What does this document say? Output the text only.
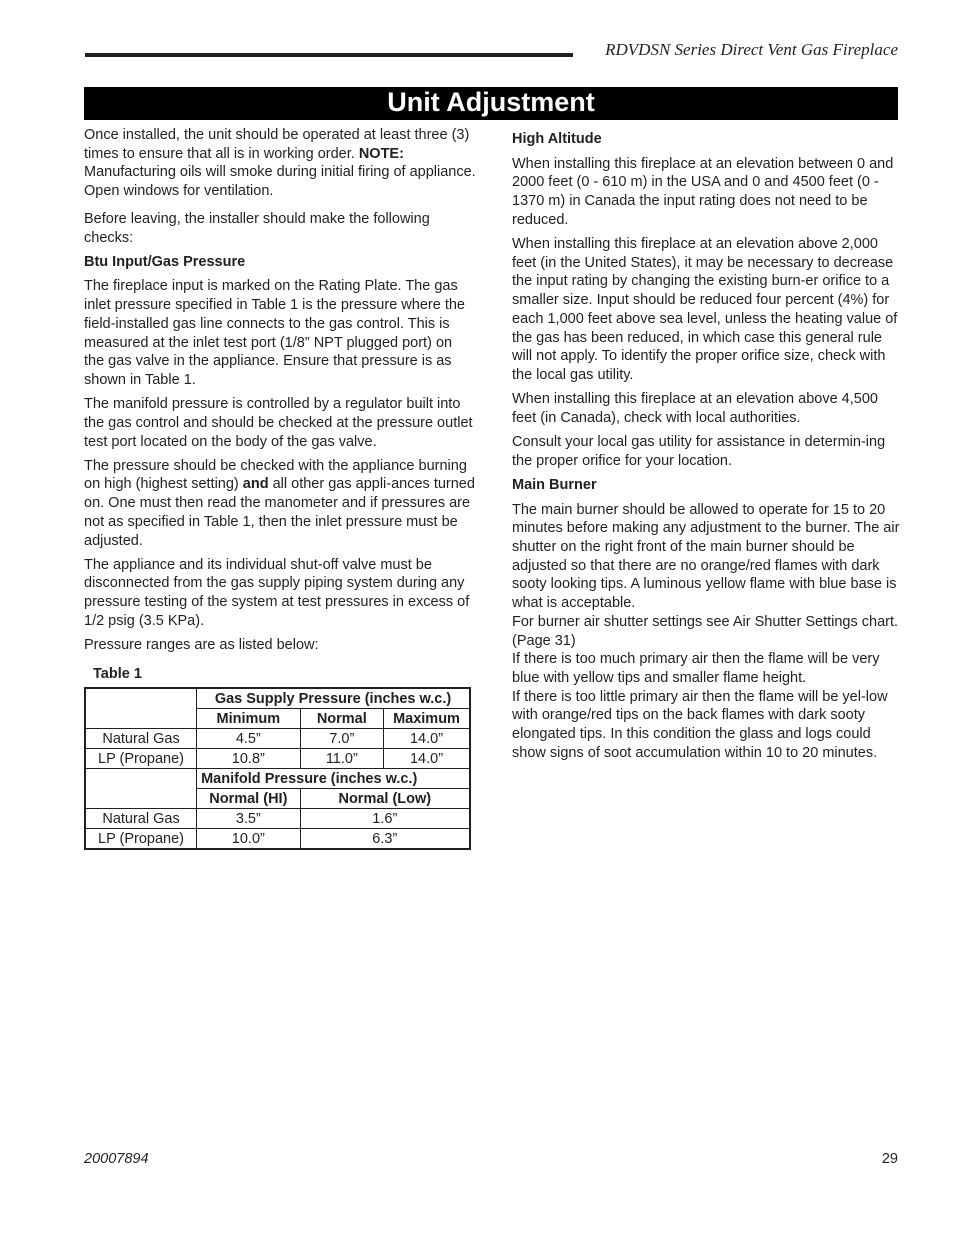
RDVDSN Series Direct Vent Gas Fireplace
Unit Adjustment

Once installed, the unit should be operated at least three (3) times to ensure that all is in working order. NOTE: Manufacturing oils will smoke during initial firing of appliance. Open windows for ventilation.

Before leaving, the installer should make the following checks:

Btu Input/Gas Pressure

The fireplace input is marked on the Rating Plate. The gas inlet pressure specified in Table 1 is the pressure where the field-installed gas line connects to the gas control. This is measured at the inlet test port (1/8” NPT plugged port) on the gas valve in the appliance. Ensure that pressure is as shown in Table 1.

The manifold pressure is controlled by a regulator built into the gas control and should be checked at the pressure outlet test port located on the body of the gas valve.

The pressure should be checked with the appliance burning on high (highest setting) and all other gas appli-ances turned on. One must then read the manometer and if pressures are not as specified in Table 1, then the inlet pressure must be adjusted.

The appliance and its individual shut-off valve must be disconnected from the gas supply piping system during any pressure testing of the system at test pressures in excess of 1/2 psig (3.5 KPa).

Pressure ranges are as listed below:

Table 1
	Gas Supply Pressure (inches w.c.)		
	Minimum	Normal	Maximum
Natural Gas	4.5”	7.0”	14.0”
LP (Propane)	10.8”	11.0”	14.0”
	Manifold Pressure (inches w.c.)		
	Normal (HI)	Normal (Low)	
Natural Gas	3.5”	1.6”	
LP (Propane)	10.0”	6.3”	
High Altitude

When installing this fireplace at an elevation between 0 and 2000 feet (0 - 610 m) in the USA and 0 and 4500 feet (0 - 1370 m) in Canada the input rating does not need to be reduced.

When installing this fireplace at an elevation above 2,000 feet (in the United States), it may be necessary to decrease the input rating by changing the existing burn-er orifice to a smaller size. Input should be reduced four percent (4%) for each 1,000 feet above sea level, unless the heating value of the gas has been reduced, in which case this general rule will not apply. To identify the proper orifice size, check with the local gas utility.

When installing this fireplace at an elevation above 4,500 feet (in Canada), check with local authorities.

Consult your local gas utility for assistance in determin-ing the proper orifice for your location.

Main Burner

The main burner should be allowed to operate for 15 to 20 minutes before making any adjustment to the burner. The air shutter on the right front of the main burner should be adjusted so that there are no orange/red flames with dark sooty looking tips. A luminous yellow flame with blue base is what is acceptable.

For burner air shutter settings see Air Shutter Settings chart. (Page 31)

If there is too much primary air then the flame will be very blue with yellow tips and smaller flame height.

If there is too little primary air then the flame will be yel-low with orange/red tips on the back flames with dark sooty elongated tips. In this condition the glass and logs could show signs of soot accumulation within 10 to 20 minutes.

20007894	29
